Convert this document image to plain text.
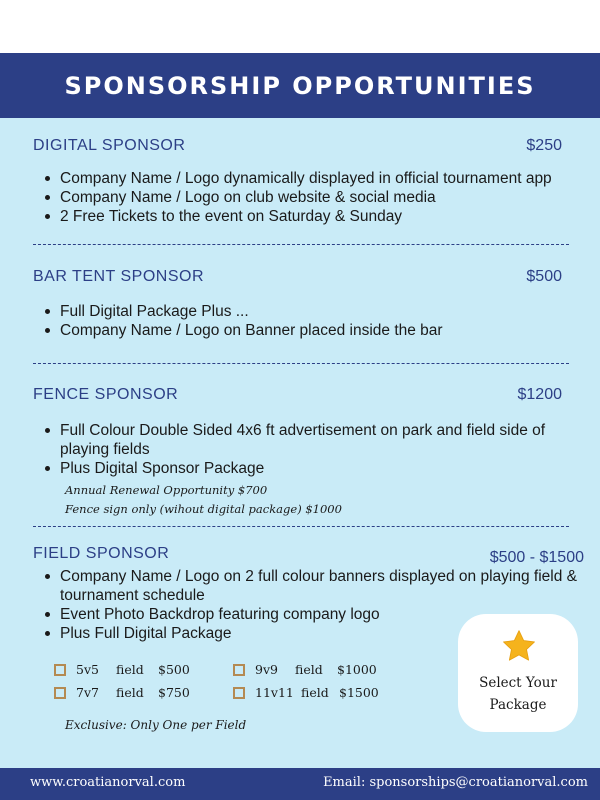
SPONSORSHIP OPPORTUNITIES
DIGITAL SPONSOR	$250
Company Name / Logo dynamically displayed in official tournament app
Company Name / Logo on club website & social media
2 Free Tickets to the event on Saturday & Sunday
BAR TENT SPONSOR	$500
Full Digital Package Plus ...
Company Name / Logo on Banner placed inside the bar
FENCE SPONSOR	$1200
Full Colour Double Sided 4x6 ft advertisement on park and field side of playing fields
Plus Digital Sponsor Package
Annual Renewal Opportunity $700
Fence sign only (wihout digital package) $1000
FIELD SPONSOR	$500 - $1500
Company Name / Logo on 2 full colour banners displayed on playing field & tournament schedule
Event Photo Backdrop featuring company logo
Plus Full Digital Package
5v5	field	$500	9v9	field	$1000
7v7	field	$750	11v11 field $1500
Exclusive: Only One per Field
Select Your
Package
www.croatianorval.com	Email: sponsorships@croatianorval.com
